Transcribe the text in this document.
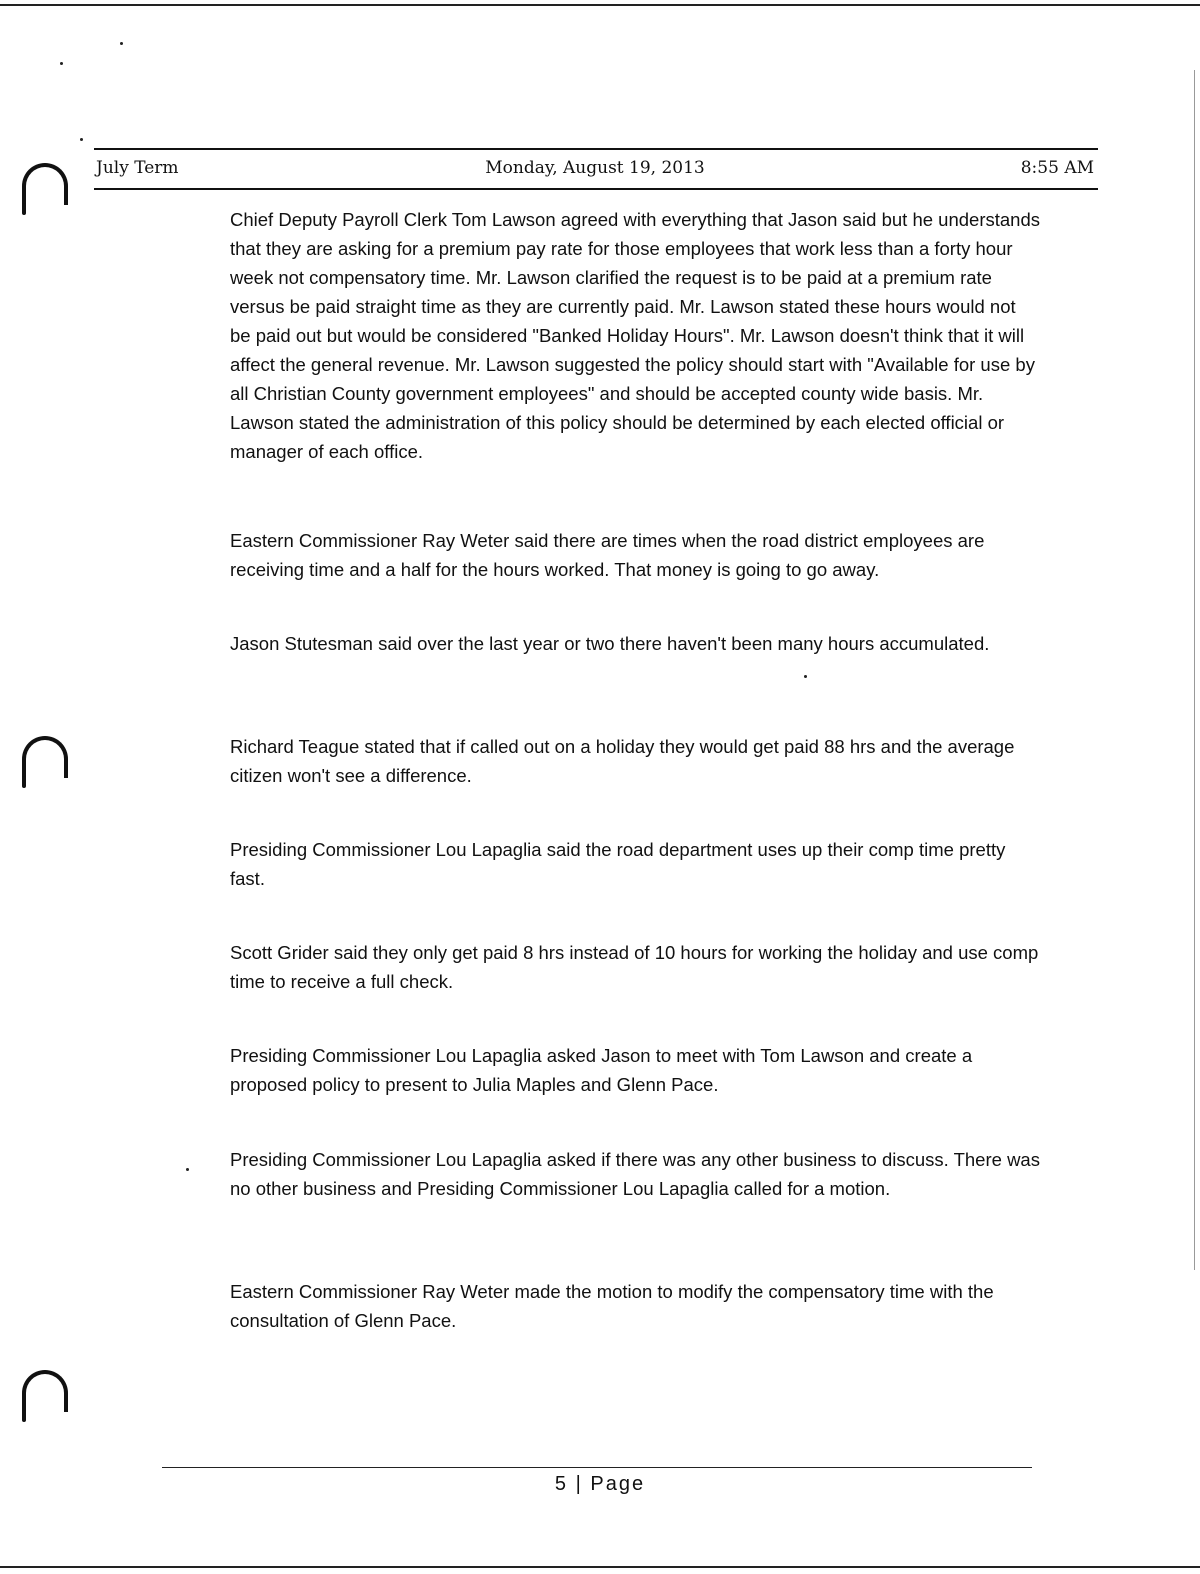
July Term	Monday, August 19, 2013	8:55 AM

Chief Deputy Payroll Clerk Tom Lawson agreed with everything that Jason said but he understands that they are asking for a premium pay rate for those employees that work less than a forty hour week not compensatory time. Mr. Lawson clarified the request is to be paid at a premium rate versus be paid straight time as they are currently paid. Mr. Lawson stated these hours would not be paid out but would be considered "Banked Holiday Hours". Mr. Lawson doesn't think that it will affect the general revenue. Mr. Lawson suggested the policy should start with "Available for use by all Christian County government employees" and should be accepted county wide basis. Mr. Lawson stated the administration of this policy should be determined by each elected official or manager of each office.

Eastern Commissioner Ray Weter said there are times when the road district employees are receiving time and a half for the hours worked. That money is going to go away.

Jason Stutesman said over the last year or two there haven't been many hours accumulated.

Richard Teague stated that if called out on a holiday they would get paid 88 hrs and the average citizen won't see a difference.

Presiding Commissioner Lou Lapaglia said the road department uses up their comp time pretty fast.

Scott Grider said they only get paid 8 hrs instead of 10 hours for working the holiday and use comp time to receive a full check.

Presiding Commissioner Lou Lapaglia asked Jason to meet with Tom Lawson and create a proposed policy to present to Julia Maples and Glenn Pace.

Presiding Commissioner Lou Lapaglia asked if there was any other business to discuss. There was no other business and Presiding Commissioner Lou Lapaglia called for a motion.

Eastern Commissioner Ray Weter made the motion to modify the compensatory time with the consultation of Glenn Pace.

5 | Page
